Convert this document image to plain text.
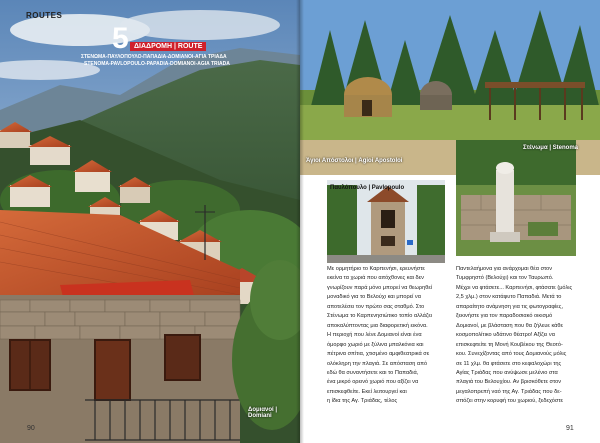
ROUTES
5 ΔΙΑΔΡΟΜΗ | ROUTE
ΣΤΕΝΩΜΑ-ΠΑΥΛΟΠΟΥΛΟ-ΠΑΠΑΔΙΑ-ΔΟΜΙΑΝΟΙ-ΑΓΙΑ ΤΡΙΑΔΑ
STENOMA-PAVLOPOULO-PAPADIA-DOMIANOI-AGIA TRIADA
Δομιανοί | Domiani
90
Άγιοι Απόστολοι | Agioi Apostoloi
Στένωμα | Stenoma
Παυλόπουλο | Pavlopoulo
Με ορμητήριο το Καρπενήσι, ερευνήστε
εκείνα τα χωριά που αιτόχθονες και δεν
γνωρίζουν παρά μόνο μπορεί να θεωρηθεί
μοναδικό για το Βελούχι και μπορεί να
αποτελέσει τον πρώτο σας σταθμό. Στο
Στένωμα το Καρπενησιώτικο τοπίο αλλάζει
αποκαλύπτοντας μια διαφορετική εικόνα.
Η περιοχή που λένε Δομιανοί είναι ένα
όμορφο χωριό με ξύλινα μπαλκόνια και
πέτρινα σπίτια, χτισμένο αμφιθεατρικά σε
ολόκληρη την πλαγιά. Σε απόσταση από
εδώ θα συναντήσετε και το Παπαδιά,
ένα μικρό ορεινό χωριό που αξίζει να
επισκεφθείτε. Εκεί λειτουργεί και
η ίδια της Αγ. Τριάδας, τέλος
Παντελαήμονα για ανάρχομαι θέα στον
Τυμφρηστό (Βελούχι) και τον Ταυρωπό.
Μέχρι να φτάσετε... Καρπενήσι, φτάσατε (μόλις
2,5 χλμ.) στον κατάφυτο Παπαδιά. Μετά το
απαραίτητο ανάμνηση για τις φωτογραφίες,
ξεκινήστε για τον παραδοσιακό οικισμό
Δομιανοί, με βλάσταση που θα ζήλευε κάθε
κοσμοπολίτικο υδάτινο θέατρο! Αξίζει να
επισκεφτείτε τη Μονή Κουβέκου της Θεοτό-
κου. Συνεχίζοντας από τους Δομιανούς μόλις
σε 11 χλμ. θα φτάσετε στο κεφαλοχώρι της
Αγίας Τριάδας που ανύψωσε μελένιο στα
πλαγιά του Βελουχίου. Αν βρισκόθετε στον
μεγαλοπρεπή ναό της Αγ. Τριάδας που δε-
σπόζει στην κορυφή του χωριού, ξεδεχόστε
91
